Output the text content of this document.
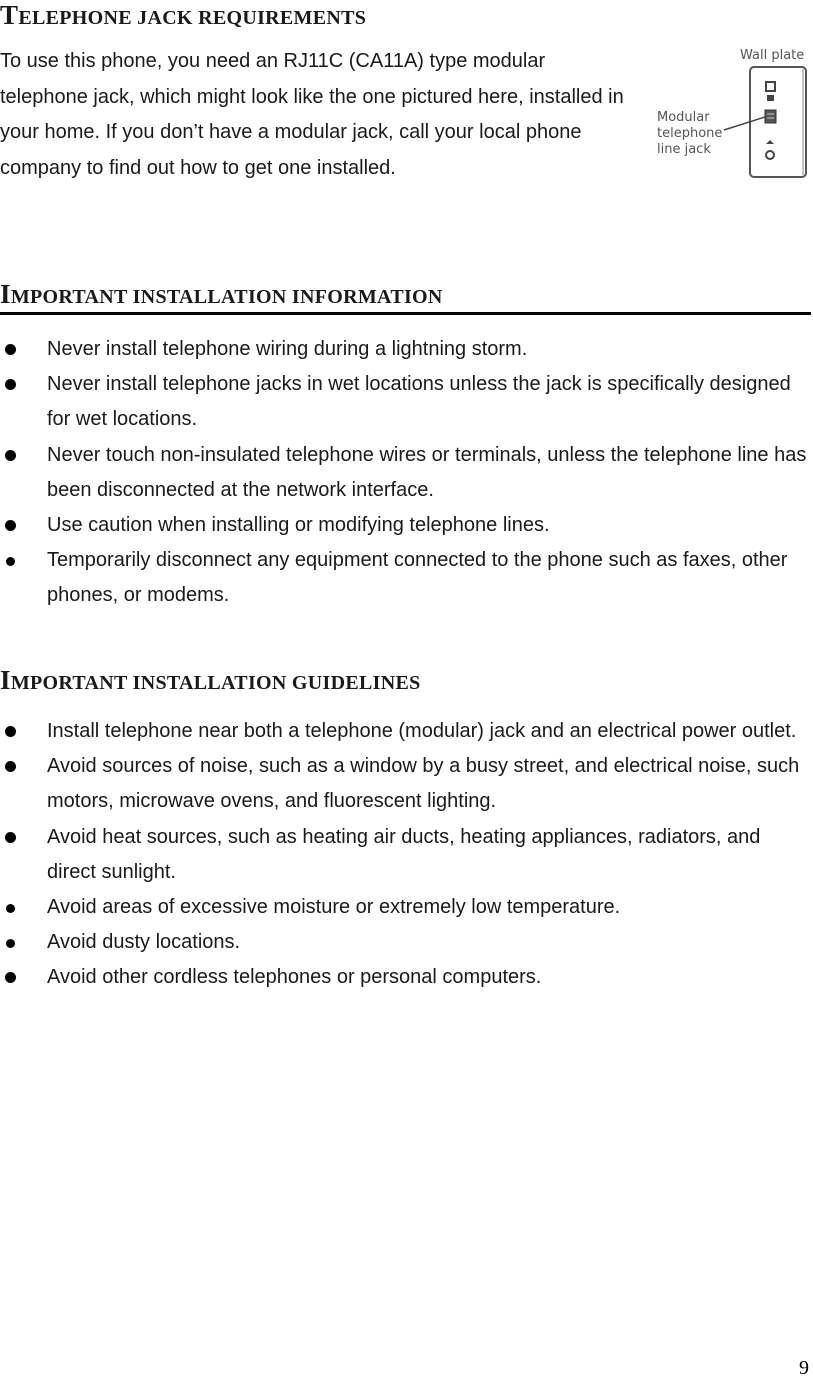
TELEPHONE JACK REQUIREMENTS

To use this phone, you need an RJ11C (CA11A) type modular telephone jack, which might look like the one pictured here, installed in your home. If you don’t have a modular jack, call your local phone company to find out how to get one installed.

Wall plate
Modular
telephone
line jack
IMPORTANT INSTALLATION INFORMATION
Never install telephone wiring during a lightning storm.
Never install telephone jacks in wet locations unless the jack is specifically designed for wet locations.
Never touch non-insulated telephone wires or terminals, unless the telephone line has been disconnected at the network interface.
Use caution when installing or modifying telephone lines.
Temporarily disconnect any equipment connected to the phone such as faxes, other phones, or modems.
IMPORTANT INSTALLATION GUIDELINES
Install telephone near both a telephone (modular) jack and an electrical power outlet.
Avoid sources of noise, such as a window by a busy street, and electrical noise, such motors, microwave ovens, and fluorescent lighting.
Avoid heat sources, such as heating air ducts, heating appliances, radiators, and direct sunlight.
Avoid areas of excessive moisture or extremely low temperature.
Avoid dusty locations.
Avoid other cordless telephones or personal computers.
9
